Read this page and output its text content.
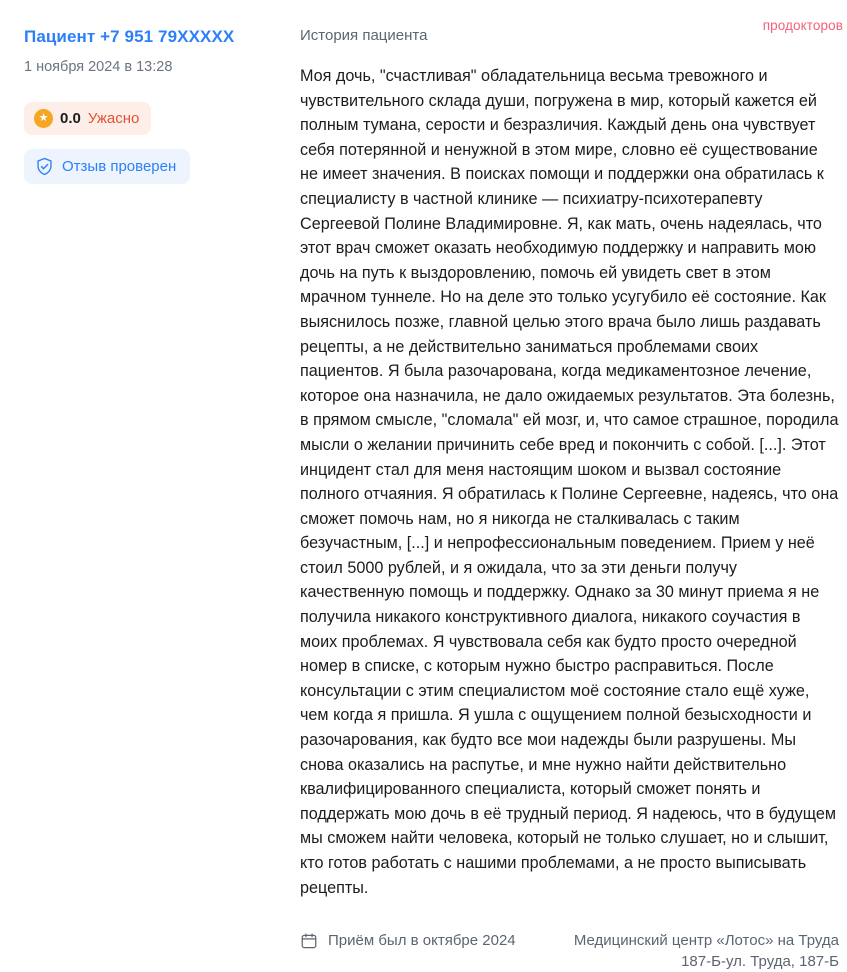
Пациент +7 951 79XXXXX
1 ноября 2024 в 13:28
★ 0.0 Ужасно

Отзыв проверен
продокторов
История пациента

Моя дочь, "счастливая" обладательница весьма тревожного и чувствительного склада души, погружена в мир, который кажется ей полным тумана, серости и безразличия. Каждый день она чувствует себя потерянной и ненужной в этом мире, словно её существование не имеет значения. В поисках помощи и поддержки она обратилась к специалисту в частной клинике — психиатру-психотерапевту Сергеевой Полине Владимировне. Я, как мать, очень надеялась, что этот врач сможет оказать необходимую поддержку и направить мою дочь на путь к выздоровлению, помочь ей увидеть свет в этом мрачном туннеле. Но на деле это только усугубило её состояние. Как выяснилось позже, главной целью этого врача было лишь раздавать рецепты, а не действительно заниматься проблемами своих пациентов. Я была разочарована, когда медикаментозное лечение, которое она назначила, не дало ожидаемых результатов. Эта болезнь, в прямом смысле, "сломала" ей мозг, и, что самое страшное, породила мысли о желании причинить себе вред и покончить с собой. [...]. Этот инцидент стал для меня настоящим шоком и вызвал состояние полного отчаяния. Я обратилась к Полине Сергеевне, надеясь, что она сможет помочь нам, но я никогда не сталкивалась с таким безучастным, [...] и непрофессиональным поведением. Прием у неё стоил 5000 рублей, и я ожидала, что за эти деньги получу качественную помощь и поддержку. Однако за 30 минут приема я не получила никакого конструктивного диалога, никакого соучастия в моих проблемах. Я чувствовала себя как будто просто очередной номер в списке, с которым нужно быстро расправиться. После консультации с этим специалистом моё состояние стало ещё хуже, чем когда я пришла. Я ушла с ощущением полной безысходности и разочарования, как будто все мои надежды были разрушены. Мы снова оказались на распутье, и мне нужно найти действительно квалифицированного специалиста, который сможет понять и поддержать мою дочь в её трудный период. Я надеюсь, что в будущем мы сможем найти человека, который не только слушает, но и слышит, кто готов работать с нашими проблемами, а не просто выписывать рецепты.

Приём был в октябре 2024	Медицинский центр «Лотос» на Труда 187-Б-ул. Труда, 187-Б
